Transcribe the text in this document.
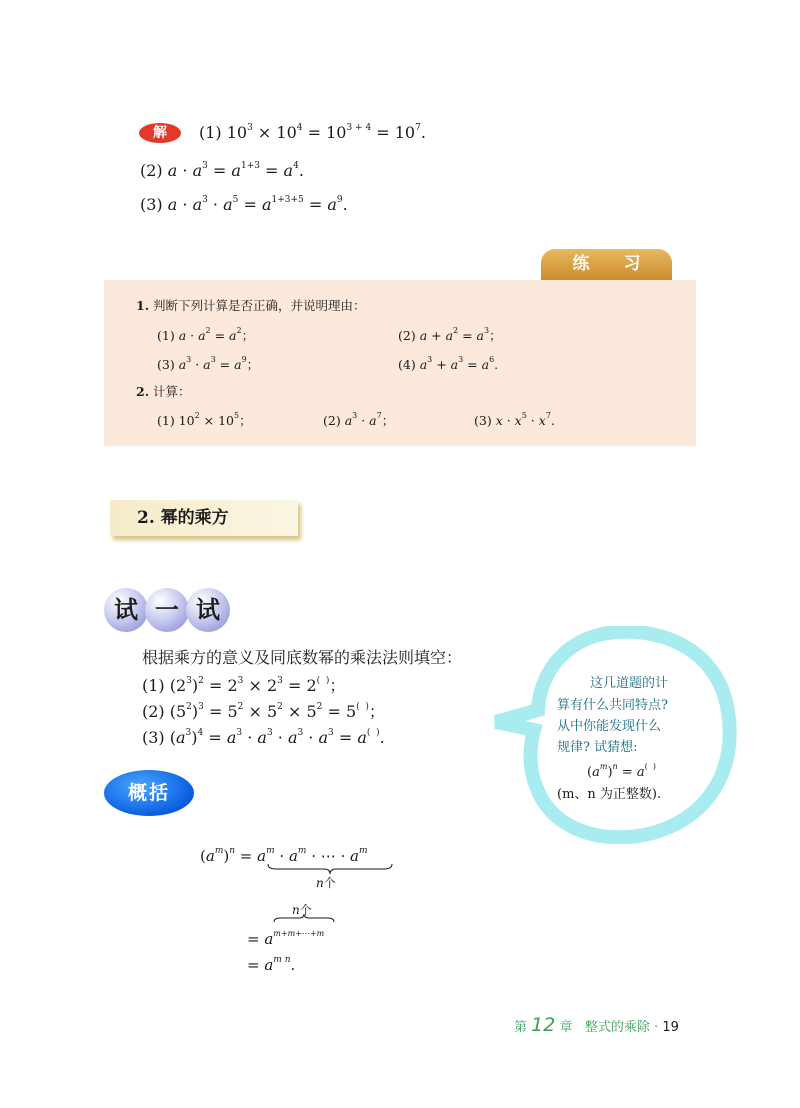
解	(1) $10^3 \times 10^4 = 10^{3 + 4} = 10^7$.
(2) $a \cdot a^3 = a^{1+3} = a^4$.
(3) $a \cdot a^3 \cdot a^5 = a^{1+3+5} = a^9$.
练 习
1. 判断下列计算是否正确，并说明理由：
(1) $a \cdot a^2 = a^2$；	(2) $a + a^2 = a^3$；
(3) $a^3 \cdot a^3 = a^9$；	(4) $a^3 + a^3 = a^6$.
2. 计算：
(1) $10^2 \times 10^5$；	(2) $a^3 \cdot a^7$；	(3) $x \cdot x^5 \cdot x^7$.
2. 幂的乘方
试 一 试
根据乘方的意义及同底数幂的乘法法则填空：
(1) $(2^3)^2 = 2^3 \times 2^3 = 2^{( )}$；
(2) $(5^2)^3 = 5^2 \times 5^2 \times 5^2 = 5^{( )}$；
(3) $(a^3)^4 = a^3 \cdot a^3 \cdot a^3 \cdot a^3 = a^{( )}$.
这几道题的计
算有什么共同特点?
从中你能发现什么
规律? 试猜想:
$(a^m)^n = a^{( )}$
(m、n 为正整数).
概括
$(a^m)^n = a^m \cdot a^m$ · ⋯ · $a^m$
n个
n个
= $a^{m+m+\cdots+m}$
= $a^{m n}$.
第 12 章 整式的乘除 · 19
